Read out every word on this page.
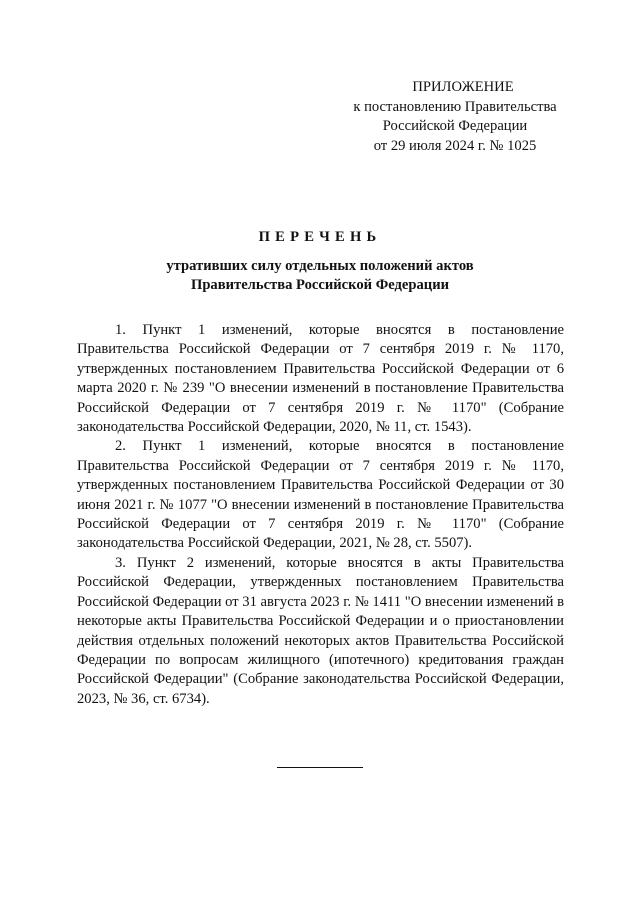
ПРИЛОЖЕНИЕ
к постановлению Правительства
Российской Федерации
от 29 июля 2024 г. № 1025
ПЕРЕЧЕНЬ
утративших силу отдельных положений актов
Правительства Российской Федерации

1. Пункт 1 изменений, которые вносятся в постановление Правительства Российской Федерации от 7 сентября 2019 г. № 1170, утвержденных постановлением Правительства Российской Федерации от 6 марта 2020 г. № 239 "О внесении изменений в постановление Правительства Российской Федерации от 7 сентября 2019 г. № 1170" (Собрание законодательства Российской Федерации, 2020, № 11, ст. 1543).

2. Пункт 1 изменений, которые вносятся в постановление Правительства Российской Федерации от 7 сентября 2019 г. № 1170, утвержденных постановлением Правительства Российской Федерации от 30 июня 2021 г. № 1077 "О внесении изменений в постановление Правительства Российской Федерации от 7 сентября 2019 г. № 1170" (Собрание законодательства Российской Федерации, 2021, № 28, ст. 5507).

3. Пункт 2 изменений, которые вносятся в акты Правительства Российской Федерации, утвержденных постановлением Правительства Российской Федерации от 31 августа 2023 г. № 1411 "О внесении изменений в некоторые акты Правительства Российской Федерации и о приостановлении действия отдельных положений некоторых актов Правительства Российской Федерации по вопросам жилищного (ипотечного) кредитования граждан Российской Федерации" (Собрание законодательства Российской Федерации, 2023, № 36, ст. 6734).
